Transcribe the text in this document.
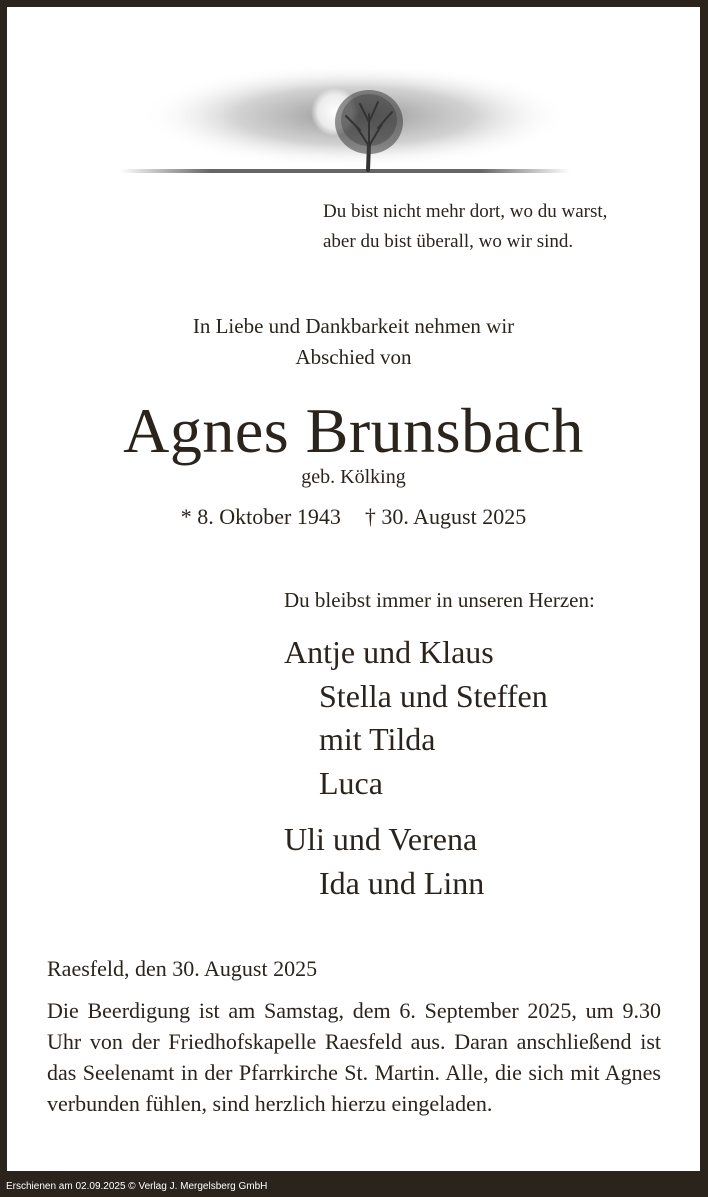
Du bist nicht mehr dort, wo du warst,
aber du bist überall, wo wir sind.
In Liebe und Dankbarkeit nehmen wir
Abschied von
Agnes Brunsbach
geb. Kölking
* 8. Oktober 1943 † 30. August 2025
Du bleibst immer in unseren Herzen:
Antje und Klaus
Stella und Steffen
mit Tilda
Luca
Uli und Verena
Ida und Linn
Raesfeld, den 30. August 2025
Die Beerdigung ist am Samstag, dem 6. September 2025, um 9.30 Uhr von der Friedhofskapelle Raesfeld aus. Daran anschließend ist das Seelenamt in der Pfarrkirche St. Martin. Alle, die sich mit Agnes verbunden fühlen, sind herzlich hierzu eingeladen.
Erschienen am 02.09.2025 © Verlag J. Mergelsberg GmbH
